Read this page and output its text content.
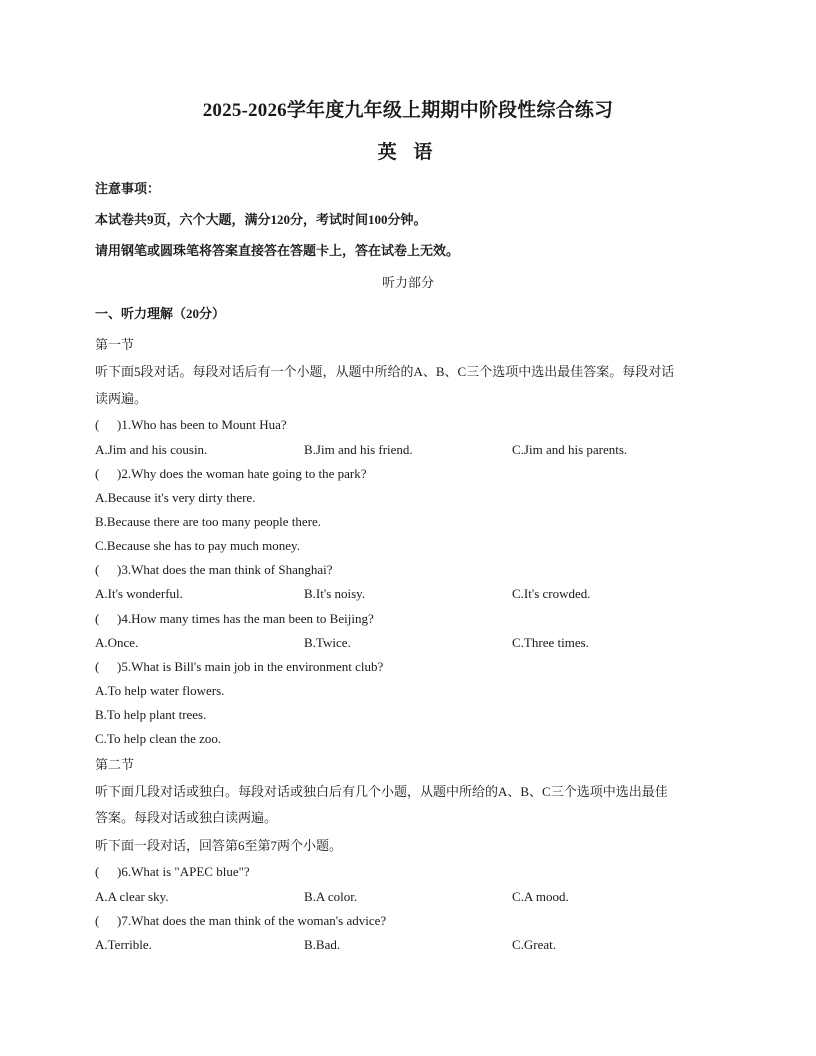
2025-2026学年度九年级上期期中阶段性综合练习
英 语
注意事项：
本试卷共9页，六个大题，满分120分，考试时间100分钟。
请用钢笔或圆珠笔将答案直接答在答题卡上，答在试卷上无效。
听力部分
一、听力理解（20分）
第一节
听下面5段对话。每段对话后有一个小题，从题中所给的A、B、C三个选项中选出最佳答案。每段对话
读两遍。
( )1.Who has been to Mount Hua?
A.Jim and his cousin.	B.Jim and his friend.	C.Jim and his parents.
( )2.Why does the woman hate going to the park?
A.Because it's very dirty there.
B.Because there are too many people there.
C.Because she has to pay much money.
( )3.What does the man think of Shanghai?
A.It's wonderful.	B.It's noisy.	C.It's crowded.
( )4.How many times has the man been to Beijing?
A.Once.	B.Twice.	C.Three times.
( )5.What is Bill's main job in the environment club?
A.To help water flowers.
B.To help plant trees.
C.To help clean the zoo.
第二节
听下面几段对话或独白。每段对话或独白后有几个小题，从题中所给的A、B、C三个选项中选出最佳
答案。每段对话或独白读两遍。
听下面一段对话，回答第6至第7两个小题。
( )6.What is "APEC blue"?
A.A clear sky.	B.A color.	C.A mood.
( )7.What does the man think of the woman's advice?
A.Terrible.	B.Bad.	C.Great.
